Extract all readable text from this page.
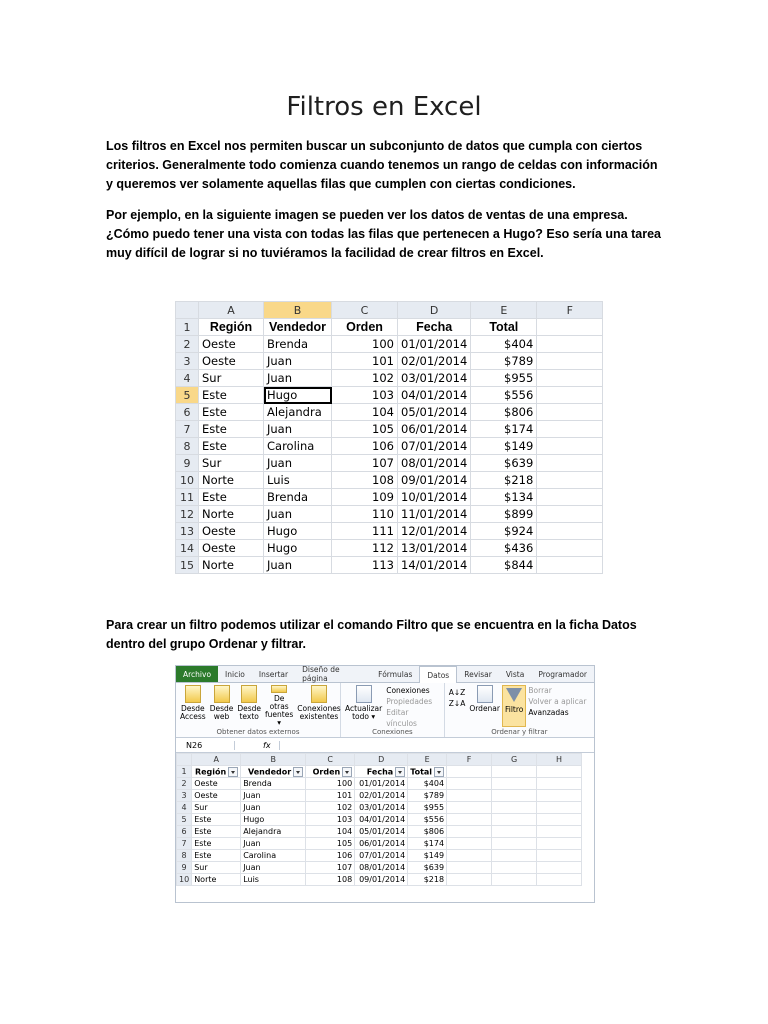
Filtros en Excel
Los filtros en Excel nos permiten buscar un subconjunto de datos que cumpla con ciertos criterios. Generalmente todo comienza cuando tenemos un rango de celdas con información y queremos ver solamente aquellas filas que cumplen con ciertas condiciones.
Por ejemplo, en la siguiente imagen se pueden ver los datos de ventas de una empresa. ¿Cómo puedo tener una vista con todas las filas que pertenecen a Hugo? Eso sería una tarea muy difícil de lograr si no tuviéramos la facilidad de crear filtros en Excel.
	A	B	C	D	E	F
1	Región	Vendedor	Orden	Fecha	Total	
2	Oeste	Brenda	100	01/01/2014	$404	
3	Oeste	Juan	101	02/01/2014	$789	
4	Sur	Juan	102	03/01/2014	$955	
5	Este	Hugo	103	04/01/2014	$556	
6	Este	Alejandra	104	05/01/2014	$806	
7	Este	Juan	105	06/01/2014	$174	
8	Este	Carolina	106	07/01/2014	$149	
9	Sur	Juan	107	08/01/2014	$639	
10	Norte	Luis	108	09/01/2014	$218	
11	Este	Brenda	109	10/01/2014	$134	
12	Norte	Juan	110	11/01/2014	$899	
13	Oeste	Hugo	111	12/01/2014	$924	
14	Oeste	Hugo	112	13/01/2014	$436	
15	Norte	Juan	113	14/01/2014	$844	
Para crear un filtro podemos utilizar el comando Filtro que se encuentra en la ficha Datos dentro del grupo Ordenar y filtrar.
Archivo	Inicio	Insertar	Diseño de página	Fórmulas	Datos	Revisar	Vista	Programador
Desde
Access
Desde
web
Desde
texto
De otras
fuentes ▾
Conexiones
existentes
Obtener datos externos
Actualizar
todo ▾
Conexiones
Propiedades
Editar vínculos
Conexiones
A↓Z
Z↓A
Ordenar Filtro
Borrar
Volver a aplicar
Avanzadas
Ordenar y filtrar
N26	fx
	A	B	C	D	E	F	G	H
1	Región	Vendedor	Orden	Fecha	Total			
2	Oeste	Brenda	100	01/01/2014	$404			
3	Oeste	Juan	101	02/01/2014	$789			
4	Sur	Juan	102	03/01/2014	$955			
5	Este	Hugo	103	04/01/2014	$556			
6	Este	Alejandra	104	05/01/2014	$806			
7	Este	Juan	105	06/01/2014	$174			
8	Este	Carolina	106	07/01/2014	$149			
9	Sur	Juan	107	08/01/2014	$639			
10	Norte	Luis	108	09/01/2014	$218			
